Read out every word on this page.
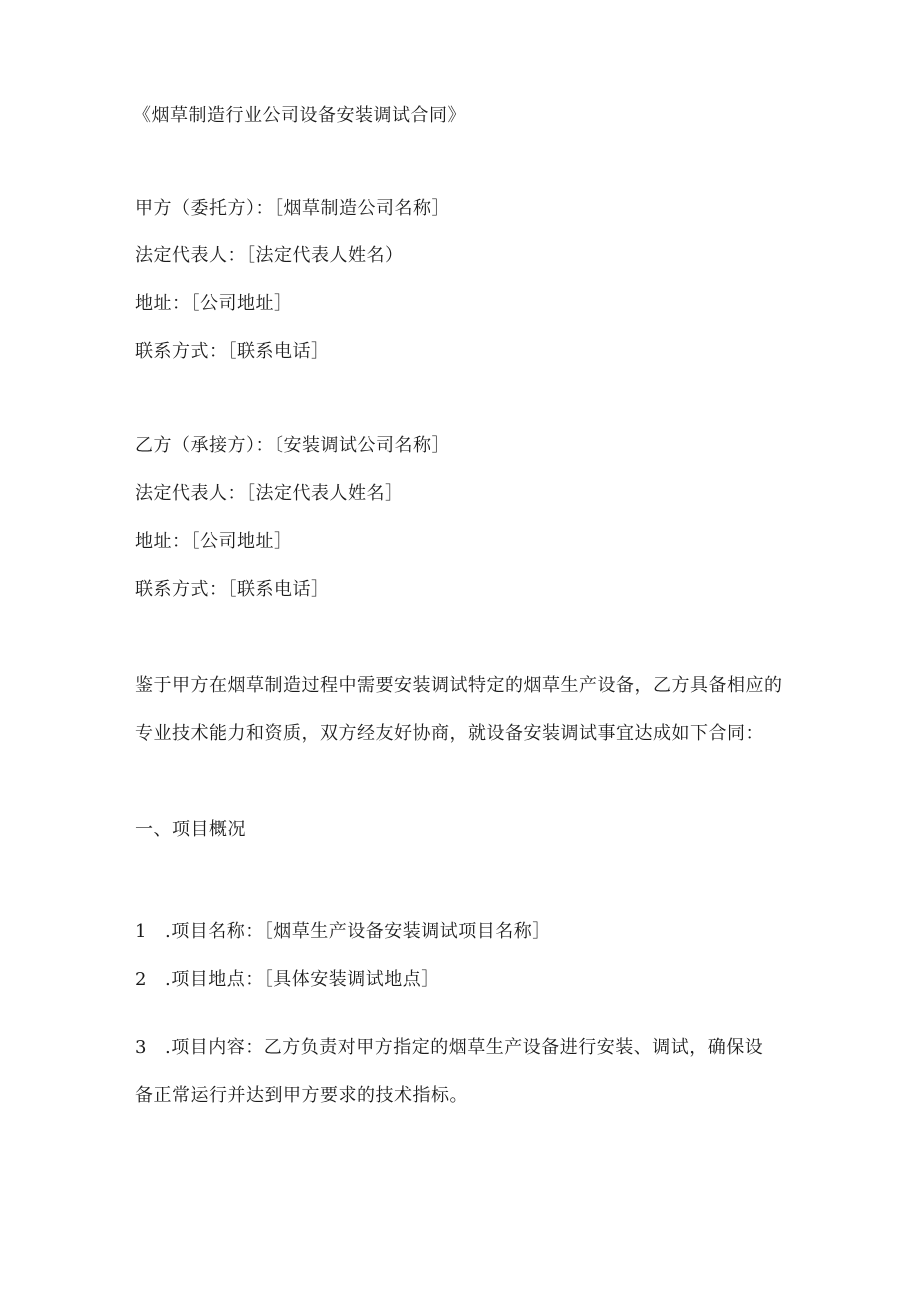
《烟草制造行业公司设备安装调试合同》
甲方（委托方）：［烟草制造公司名称］
法定代表人：［法定代表人姓名）
地址：［公司地址］
联系方式：［联系电话］
乙方（承接方）：〔安装调试公司名称］
法定代表人：［法定代表人姓名］
地址：［公司地址］
联系方式：［联系电话］
鉴于甲方在烟草制造过程中需要安装调试特定的烟草生产设备，乙方具备相应的专业技术能力和资质，双方经友好协商，就设备安装调试事宜达成如下合同：
一、项目概况
1 .项目名称：［烟草生产设备安装调试项目名称］
2 .项目地点：［具体安装调试地点］
3 .项目内容：乙方负责对甲方指定的烟草生产设备进行安装、调试，确保设备正常运行并达到甲方要求的技术指标。
